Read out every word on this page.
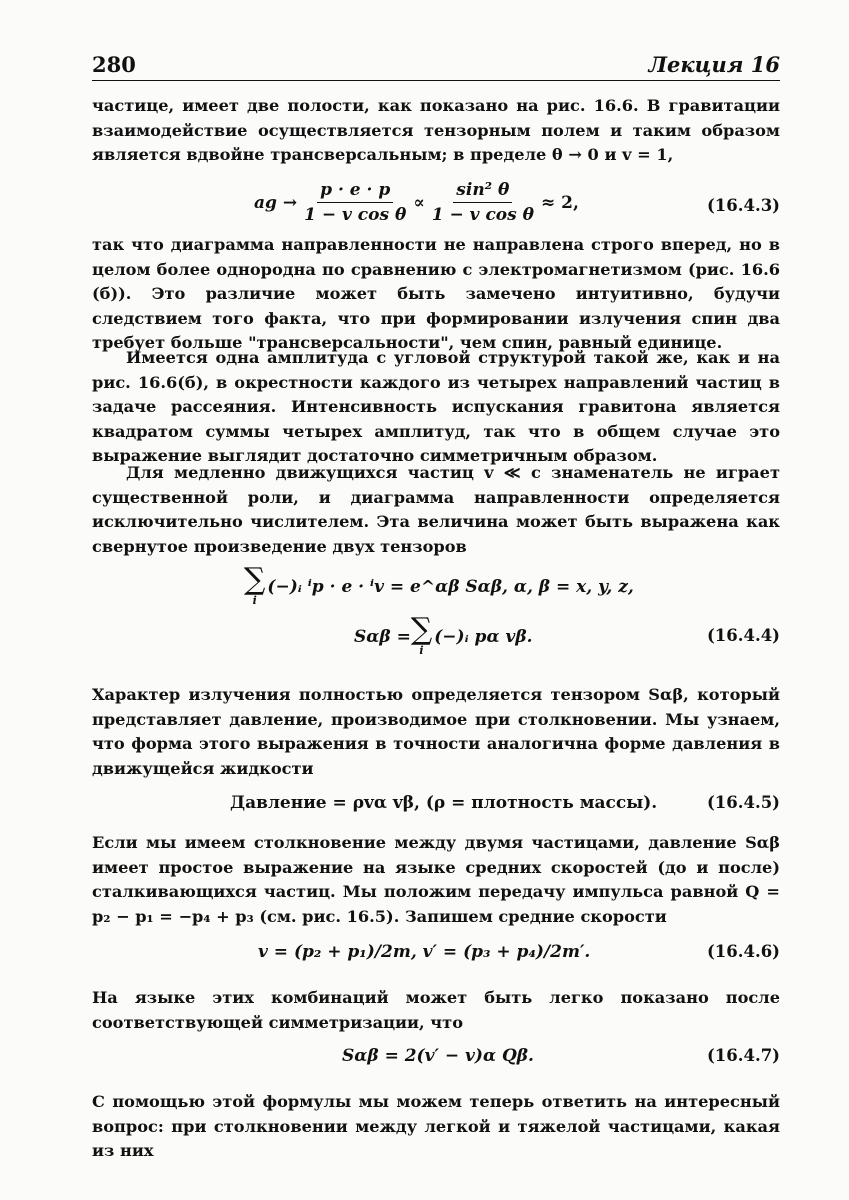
280	Лекция 16
частице, имеет две полости, как показано на рис. 16.6. В гравитации взаимодействие осуществляется тензорным полем и таким образом является вдвойне трансверсальным; в пределе θ → 0 и v = 1,
ag → $\frac{p \cdot e \cdot p}{\text{1 − v cos θ}} \propto \frac{\text{sin² θ}}{\text{1 − v cos θ}} \approx 2$,	(16.4.3)
так что диаграмма направленности не направлена строго вперед, но в целом более однородна по сравнению с электромагнетизмом (рис. 16.6 (б)). Это различие может быть замечено интуитивно, будучи следствием того факта, что при формировании излучения спин два требует больше "трансверсальности", чем спин, равный единице.
Имеется одна амплитуда с угловой структурой такой же, как и на рис. 16.6(б), в окрестности каждого из четырех направлений частиц в задаче рассеяния. Интенсивность испускания гравитона является квадратом суммы четырех амплитуд, так что в общем случае это выражение выглядит достаточно симметричным образом.
Для медленно движущихся частиц v ≪ c знаменатель не играет существенной роли, и диаграмма направленности определяется исключительно числителем. Эта величина может быть выражена как свернутое произведение двух тензоров
∑
i
(−)ᵢ ⁱp · e · ⁱv = e^αβ Sαβ, α, β = x, y, z,
Sαβ = ∑
i
(−)ᵢ pα vβ.	(16.4.4)
Характер излучения полностью определяется тензором Sαβ, который представляет давление, производимое при столкновении. Мы узнаем, что форма этого выражения в точности аналогична форме давления в движущейся жидкости
Давление = ρvα vβ, (ρ = плотность массы).	(16.4.5)
Если мы имеем столкновение между двумя частицами, давление Sαβ имеет простое выражение на языке средних скоростей (до и после) сталкивающихся частиц. Мы положим передачу импульса равной Q = p₂ − p₁ = −p₄ + p₃ (см. рис. 16.5). Запишем средние скорости
v = (p₂ + p₁)/2m, v′ = (p₃ + p₄)/2m′.	(16.4.6)
На языке этих комбинаций может быть легко показано после соответствующей симметризации, что
Sαβ = 2(v′ − v)α Qβ.	(16.4.7)
С помощью этой формулы мы можем теперь ответить на интересный вопрос: при столкновении между легкой и тяжелой частицами, какая из них
